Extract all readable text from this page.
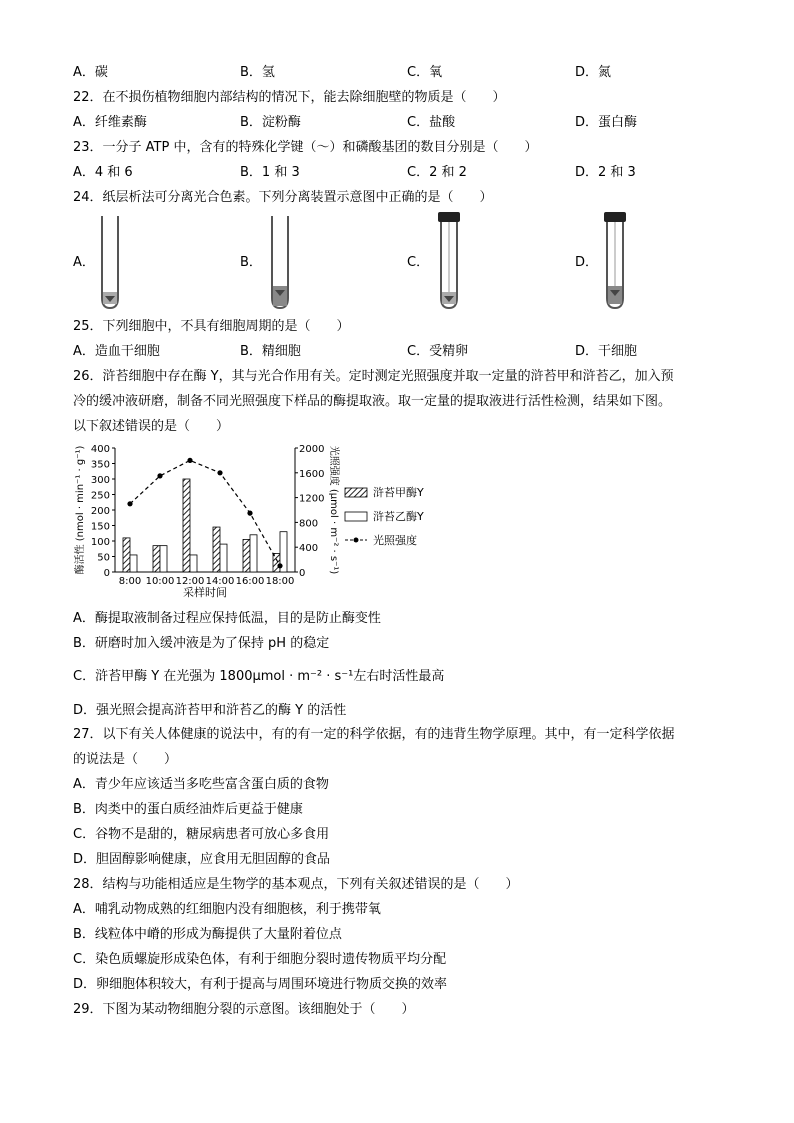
A．碳	B．氢	C．氧	D．氮
22．在不损伤植物细胞内部结构的情况下，能去除细胞壁的物质是（　　）
A．纤维素酶	B．淀粉酶	C．盐酸	D．蛋白酶
23．一分子 ATP 中，含有的特殊化学键（～）和磷酸基团的数目分别是（　　）
A．4 和 6	B．1 和 3	C．2 和 2	D．2 和 3
24．纸层析法可分离光合色素。下列分离装置示意图中正确的是（　　）
A．	B．	C．	D．
25．下列细胞中，不具有细胞周期的是（　　）
A．造血干细胞	B．精细胞	C．受精卵	D．干细胞
26．浒苔细胞中存在酶 Y，其与光合作用有关。定时测定光照强度并取一定量的浒苔甲和浒苔乙，加入预
冷的缓冲液研磨，制备不同光照强度下样品的酶提取液。取一定量的提取液进行活性检测，结果如下图。
以下叙述错误的是（　　）
0
50
100
150
200
250
300
350
400
0
400
800
1200
1600
2000
8:00 10:00 12:00 14:00 16:00 18:00
采样时间
酶活性 (nmol · min⁻¹ · g⁻¹)	光照强度 (μmol · m⁻² · s⁻¹)	浒苔甲酶Y
浒苔乙酶Y
光照强度
A．酶提取液制备过程应保持低温，目的是防止酶变性
B．研磨时加入缓冲液是为了保持 pH 的稳定
C．浒苔甲酶 Y 在光强为 1800μmol · m⁻² · s⁻¹左右时活性最高
D．强光照会提高浒苔甲和浒苔乙的酶 Y 的活性
27．以下有关人体健康的说法中，有的有一定的科学依据，有的违背生物学原理。其中，有一定科学依据
的说法是（　　）
A．青少年应该适当多吃些富含蛋白质的食物
B．肉类中的蛋白质经油炸后更益于健康
C．谷物不是甜的，糖尿病患者可放心多食用
D．胆固醇影响健康，应食用无胆固醇的食品
28．结构与功能相适应是生物学的基本观点，下列有关叙述错误的是（　　）
A．哺乳动物成熟的红细胞内没有细胞核，利于携带氧
B．线粒体中嵴的形成为酶提供了大量附着位点
C．染色质螺旋形成染色体，有利于细胞分裂时遗传物质平均分配
D．卵细胞体积较大，有利于提高与周围环境进行物质交换的效率
29．下图为某动物细胞分裂的示意图。该细胞处于（　　）
